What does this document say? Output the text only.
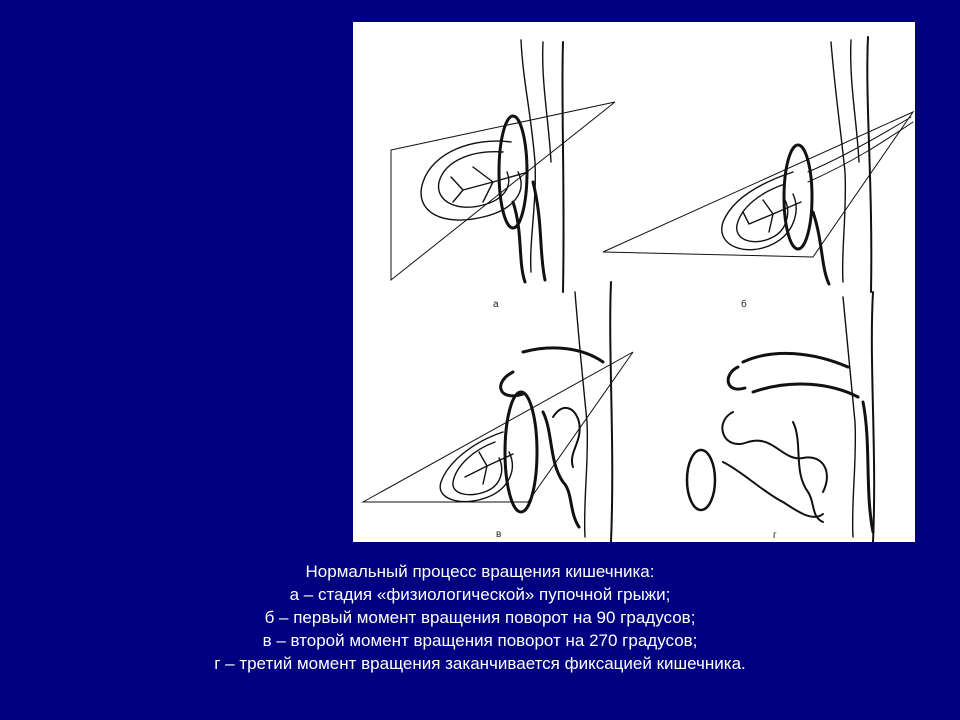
а	б
в	г
Нормальный процесс вращения кишечника:
а – стадия «физиологической» пупочной грыжи;
б – первый момент вращения поворот на 90 градусов;
в – второй момент вращения поворот на 270 градусов;
г – третий момент вращения заканчивается фиксацией кишечника.
